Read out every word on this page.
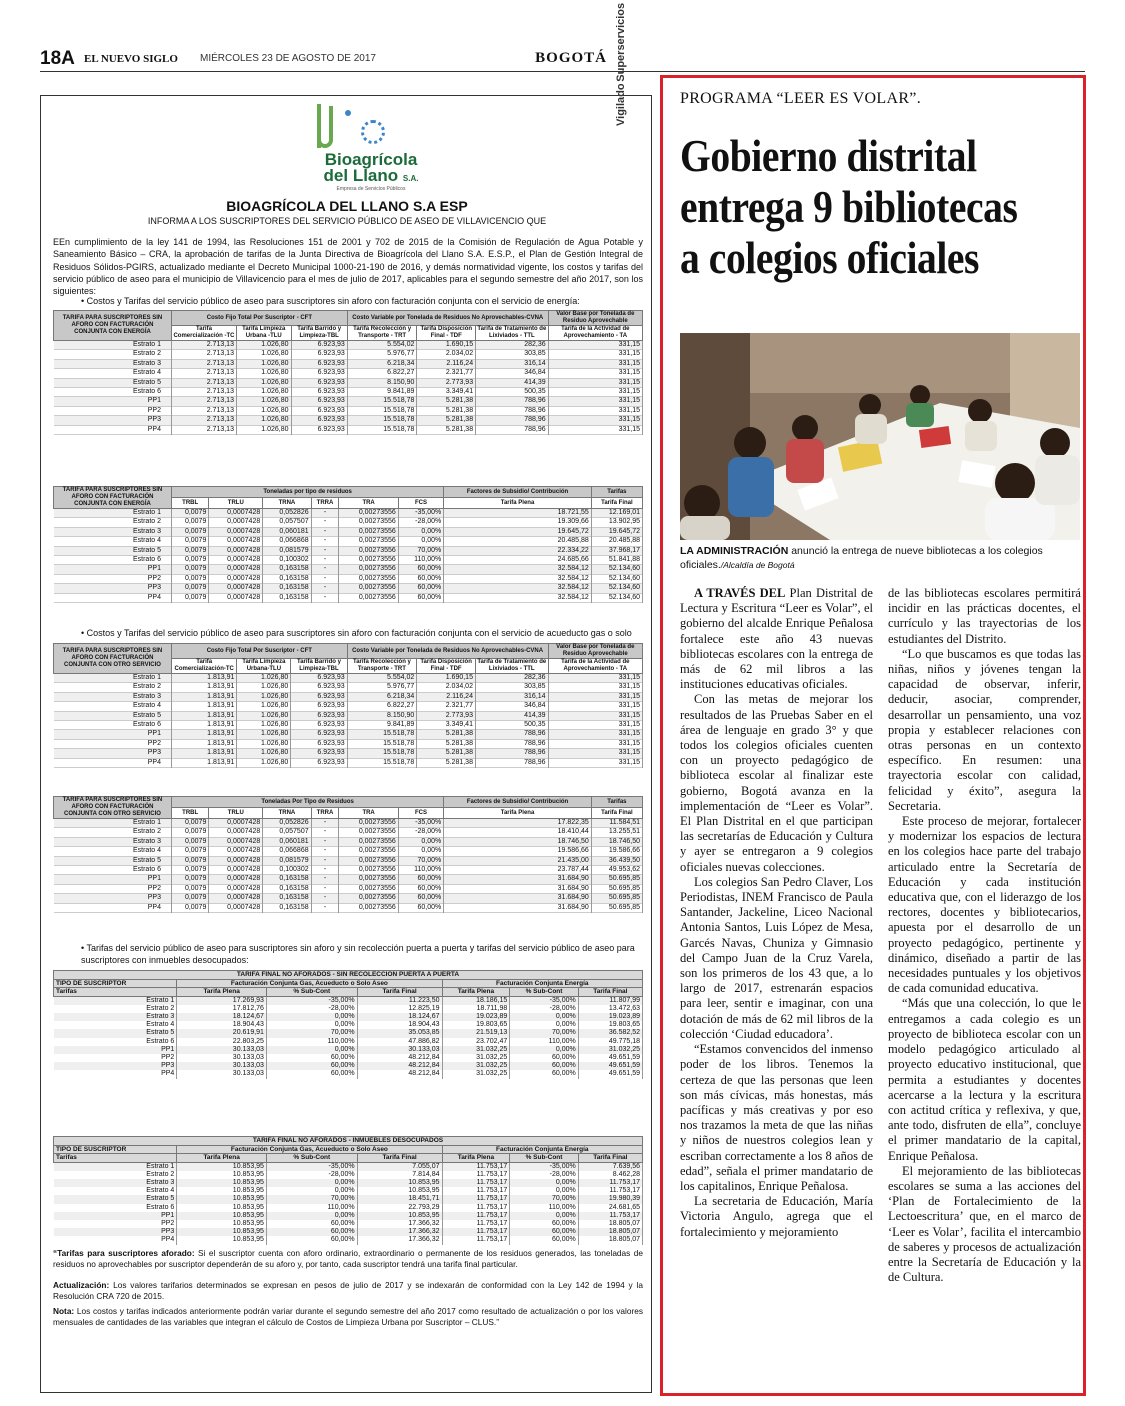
18A EL NUEVO SIGLO MIÉRCOLES 23 DE AGOSTO DE 2017	BOGOTÁ
Bioagrícola
del Llano S.A.
Empresa de Servicios Públicos
Vigilado Superservicios
BIOAGRÍCOLA DEL LLANO S.A ESP
INFORMA A LOS SUSCRIPTORES DEL SERVICIO PÚBLICO DE ASEO DE VILLAVICENCIO QUE
EEn cumplimiento de la ley 141 de 1994, las Resoluciones 151 de 2001 y 702 de 2015 de la Comisión de Regulación de Agua Potable y Saneamiento Básico – CRA, la aprobación de tarifas de la Junta Directiva de Bioagrícola del Llano S.A. E.S.P., el Plan de Gestión Integral de Residuos Sólidos-PGIRS, actualizado mediante el Decreto Municipal 1000-21-190 de 2016, y demás normatividad vigente, los costos y tarifas del servicio público de aseo para el municipio de Villavicencio para el mes de julio de 2017, aplicables para el segundo semestre del año 2017, son los siguientes:
• Costos y Tarifas del servicio público de aseo para suscriptores sin aforo con facturación conjunta con el servicio de energía:
TARIFA PARA SUSCRIPTORES SIN AFORO CON FACTURACIÓN CONJUNTA CON ENERGÍA	Costo Fijo Total Por Suscriptor - CFT			Costo Variable por Tonelada de Residuos No Aprovechables-CVNA			Valor Base por Tonelada de Residuo Aprovechable
	Tarifa Comercialización -TC	Tarifa Limpieza Urbana -TLU	Tarifa Barrido y Limpieza-TBL	Tarifa Recolección y Transporte - TRT	Tarifa Disposición Final - TDF	Tarifa de Tratamiento de Lixiviados - TTL	Tarifa de la Actividad de Aprovechamiento - TA
Estrato 1	2.713,13	1.026,80	6.923,93	5.554,02	1.690,15	282,36	331,15
Estrato 2	2.713,13	1.026,80	6.923,93	5.976,77	2.034,02	303,85	331,15
Estrato 3	2.713,13	1.026,80	6.923,93	6.218,34	2.116,24	316,14	331,15
Estrato 4	2.713,13	1.026,80	6.923,93	6.822,27	2.321,77	346,84	331,15
Estrato 5	2.713,13	1.026,80	6.923,93	8.150,90	2.773,93	414,39	331,15
Estrato 6	2.713,13	1.026,80	6.923,93	9.841,89	3.349,41	500,35	331,15
PP1	2.713,13	1.026,80	6.923,93	15.518,78	5.281,38	788,96	331,15
PP2	2.713,13	1.026,80	6.923,93	15.518,78	5.281,38	788,96	331,15
PP3	2.713,13	1.026,80	6.923,93	15.518,78	5.281,38	788,96	331,15
PP4	2.713,13	1.026,80	6.923,93	15.518,78	5.281,38	788,96	331,15
TARIFA PARA SUSCRIPTORES SIN AFORO CON FACTURACIÓN CONJUNTA CON ENERGÍA	Toneladas por tipo de residuos						Factores de Subsidio/ Contribución	Tarifas
	TRBL	TRLU	TRNA	TRRA	TRA	FCS	Tarifa Plena	Tarifa Final
Estrato 1	0,0079	0,0007428	0,052826	-	0,00273556	-35,00%	18.721,55	12.169,01
Estrato 2	0,0079	0,0007428	0,057507	-	0,00273556	-28,00%	19.309,66	13.902,95
Estrato 3	0,0079	0,0007428	0,060181	-	0,00273556	0,00%	19.645,72	19.645,72
Estrato 4	0,0079	0,0007428	0,066868	-	0,00273556	0,00%	20.485,88	20.485,88
Estrato 5	0,0079	0,0007428	0,081579	-	0,00273556	70,00%	22.334,22	37.968,17
Estrato 6	0,0079	0,0007428	0,100302	-	0,00273556	110,00%	24.685,66	51.841,88
PP1	0,0079	0,0007428	0,163158	-	0,00273556	60,00%	32.584,12	52.134,60
PP2	0,0079	0,0007428	0,163158	-	0,00273556	60,00%	32.584,12	52.134,60
PP3	0,0079	0,0007428	0,163158	-	0,00273556	60,00%	32.584,12	52.134,60
PP4	0,0079	0,0007428	0,163158	-	0,00273556	60,00%	32.584,12	52.134,60
• Costos y Tarifas del servicio público de aseo para suscriptores sin aforo con facturación conjunta con el servicio de acueducto gas o solo
TARIFA PARA SUSCRIPTORES SIN AFORO CON FACTURACIÓN CONJUNTA CON OTRO SERVICIO	Costo Fijo Total Por Suscriptor - CFT			Costo Variable por Tonelada de Residuos No Aprovechables-CVNA			Valor Base por Tonelada de Residuo Aprovechable
	Tarifa Comercialización-TC	Tarifa Limpieza Urbana-TLU	Tarifa Barrido y Limpieza-TBL	Tarifa Recolección y Transporte - TRT	Tarifa Disposición Final - TDF	Tarifa de Tratamiento de Lixiviados - TTL	Tarifa de la Actividad de Aprovechamiento - TA
Estrato 1	1.813,91	1.026,80	6.923,93	5.554,02	1.690,15	282,36	331,15
Estrato 2	1.813,91	1.026,80	6.923,93	5.976,77	2.034,02	303,85	331,15
Estrato 3	1.813,91	1.026,80	6.923,93	6.218,34	2.116,24	316,14	331,15
Estrato 4	1.813,91	1.026,80	6.923,93	6.822,27	2.321,77	346,84	331,15
Estrato 5	1.813,91	1.026,80	6.923,93	8.150,90	2.773,93	414,39	331,15
Estrato 6	1.813,91	1.026,80	6.923,93	9.841,89	3.349,41	500,35	331,15
PP1	1.813,91	1.026,80	6.923,93	15.518,78	5.281,38	788,96	331,15
PP2	1.813,91	1.026,80	6.923,93	15.518,78	5.281,38	788,96	331,15
PP3	1.813,91	1.026,80	6.923,93	15.518,78	5.281,38	788,96	331,15
PP4	1.813,91	1.026,80	6.923,93	15.518,78	5.281,38	788,96	331,15
TARIFA PARA SUSCRIPTORES SIN AFORO CON FACTURACIÓN CONJUNTA CON OTRO SERVICIO	Toneladas Por Tipo de Residuos						Factores de Subsidio/ Contribución	Tarifas
	TRBL	TRLU	TRNA	TRRA	TRA	FCS	Tarifa Plena	Tarifa Final
Estrato 1	0,0079	0,0007428	0,052826	-	0,00273556	-35,00%	17.822,35	11.584,51
Estrato 2	0,0079	0,0007428	0,057507	-	0,00273556	-28,00%	18.410,44	13.255,51
Estrato 3	0,0079	0,0007428	0,060181	-	0,00273556	0,00%	18.746,50	18.746,50
Estrato 4	0,0079	0,0007428	0,066868	-	0,00273556	0,00%	19.586,66	19.586,66
Estrato 5	0,0079	0,0007428	0,081579	-	0,00273556	70,00%	21.435,00	36.439,50
Estrato 6	0,0079	0,0007428	0,100302	-	0,00273556	110,00%	23.787,44	49.953,62
PP1	0,0079	0,0007428	0,163158	-	0,00273556	60,00%	31.684,90	50.695,85
PP2	0,0079	0,0007428	0,163158	-	0,00273556	60,00%	31.684,90	50.695,85
PP3	0,0079	0,0007428	0,163158	-	0,00273556	60,00%	31.684,90	50.695,85
PP4	0,0079	0,0007428	0,163158	-	0,00273556	60,00%	31.684,90	50.695,85
• Tarifas del servicio público de aseo para suscriptores sin aforo y sin recolección puerta a puerta y tarifas del servicio público de aseo para suscriptores con inmuebles desocupados:
TARIFA FINAL NO AFORADOS - SIN RECOLECCION PUERTA A PUERTA						
TIPO DE SUSCRIPTOR	Facturación Conjunta Gas, Acueducto o Solo Aseo			Facturación Conjunta Energía		
Tarifas	Tarifa Plena	% Sub-Cont	Tarifa Final	Tarifa Plena	% Sub-Cont	Tarifa Final
Estrato 1	17.269,93	-35,00%	11.223,50	18.186,15	-35,00%	11.807,99
Estrato 2	17.812,76	-28,00%	12.825,19	18.711,98	-28,00%	13.472,63
Estrato 3	18.124,67	0,00%	18.124,67	19.023,89	0,00%	19.023,89
Estrato 4	18.904,43	0,00%	18.904,43	19.803,65	0,00%	19.803,65
Estrato 5	20.619,91	70,00%	35.053,85	21.519,13	70,00%	36.582,52
Estrato 6	22.803,25	110,00%	47.886,82	23.702,47	110,00%	49.775,18
PP1	30.133,03	0,00%	30.133,03	31.032,25	0,00%	31.032,25
PP2	30.133,03	60,00%	48.212,84	31.032,25	60,00%	49.651,59
PP3	30.133,03	60,00%	48.212,84	31.032,25	60,00%	49.651,59
PP4	30.133,03	60,00%	48.212,84	31.032,25	60,00%	49.651,59
TARIFA FINAL NO AFORADOS - INMUEBLES DESOCUPADOS						
TIPO DE SUSCRIPTOR	Facturación Conjunta Gas, Acueducto o Solo Aseo			Facturación Conjunta Energía		
Tarifas	Tarifa Plena	% Sub-Cont	Tarifa Final	Tarifa Plena	% Sub-Cont	Tarifa Final
Estrato 1	10.853,95	-35,00%	7.055,07	11.753,17	-35,00%	7.639,56
Estrato 2	10.853,95	-28,00%	7.814,84	11.753,17	-28,00%	8.462,28
Estrato 3	10.853,95	0,00%	10.853,95	11.753,17	0,00%	11.753,17
Estrato 4	10.853,95	0,00%	10.853,95	11.753,17	0,00%	11.753,17
Estrato 5	10.853,95	70,00%	18.451,71	11.753,17	70,00%	19.980,39
Estrato 6	10.853,95	110,00%	22.793,29	11.753,17	110,00%	24.681,65
PP1	10.853,95	0,00%	10.853,95	11.753,17	0,00%	11.753,17
PP2	10.853,95	60,00%	17.366,32	11.753,17	60,00%	18.805,07
PP3	10.853,95	60,00%	17.366,32	11.753,17	60,00%	18.805,07
PP4	10.853,95	60,00%	17.366,32	11.753,17	60,00%	18.805,07
“Tarifas para suscriptores aforado: Si el suscriptor cuenta con aforo ordinario, extraordinario o permanente de los residuos generados, las toneladas de residuos no aprovechables por suscriptor dependerán de su aforo y, por tanto, cada suscriptor tendrá una tarifa final particular.
Actualización: Los valores tarifarios determinados se expresan en pesos de julio de 2017 y se indexarán de conformidad con la Ley 142 de 1994 y la Resolución CRA 720 de 2015.
Nota: Los costos y tarifas indicados anteriormente podrán variar durante el segundo semestre del año 2017 como resultado de actualización o por los valores mensuales de cantidades de las variables que integran el cálculo de Costos de Limpieza Urbana por Suscriptor – CLUS.”
PROGRAMA “LEER ES VOLAR”.
Gobierno distrital
entrega 9 bibliotecas
a colegios oficiales
LA ADMINISTRACIÓN anunció la entrega de nueve bibliotecas a los colegios oficiales./Alcaldía de Bogotá

A TRAVÉS DEL Plan Distrital de Lectura y Escritura “Leer es Volar”, el gobierno del alcalde Enrique Peñalosa fortalece este año 43 nuevas bibliotecas escolares con la entrega de más de 62 mil libros a las instituciones educativas oficiales.

Con las metas de mejorar los resultados de las Pruebas Saber en el área de lenguaje en grado 3° y que todos los colegios oficiales cuenten con un proyecto pedagógico de biblioteca escolar al finalizar este gobierno, Bogotá avanza en la implementación de “Leer es Volar”. El Plan Distrital en el que participan las secretarías de Educación y Cultura y ayer se entregaron a 9 colegios oficiales nuevas colecciones.

Los colegios San Pedro Claver, Los Periodistas, INEM Francisco de Paula Santander, Jackeline, Liceo Nacional Antonia Santos, Luis López de Mesa, Garcés Navas, Chuniza y Gimnasio del Campo Juan de la Cruz Varela, son los primeros de los 43 que, a lo largo de 2017, estrenarán espacios para leer, sentir e imaginar, con una dotación de más de 62 mil libros de la colección ‘Ciudad educadora’.

“Estamos convencidos del inmenso poder de los libros. Tenemos la certeza de que las personas que leen son más cívicas, más honestas, más pacíficas y más creativas y por eso nos trazamos la meta de que las niñas y niños de nuestros colegios lean y escriban correctamente a los 8 años de edad”, señala el primer mandatario de los capitalinos, Enrique Peñalosa.

La secretaria de Educación, María Victoria Angulo, agrega que el fortalecimiento y mejoramiento

de las bibliotecas escolares permitirá incidir en las prácticas docentes, el currículo y las trayectorias de los estudiantes del Distrito.

“Lo que buscamos es que todas las niñas, niños y jóvenes tengan la capacidad de observar, inferir, deducir, asociar, comprender, desarrollar un pensamiento, una voz propia y establecer relaciones con otras personas en un contexto específico. En resumen: una trayectoria escolar con calidad, felicidad y éxito”, asegura la Secretaria.

Este proceso de mejorar, fortalecer y modernizar los espacios de lectura en los colegios hace parte del trabajo articulado entre la Secretaría de Educación y cada institución educativa que, con el liderazgo de los rectores, docentes y bibliotecarios, apuesta por el desarrollo de un proyecto pedagógico, pertinente y dinámico, diseñado a partir de las necesidades puntuales y los objetivos de cada comunidad educativa.

“Más que una colección, lo que le entregamos a cada colegio es un proyecto de biblioteca escolar con un modelo pedagógico articulado al proyecto educativo institucional, que permita a estudiantes y docentes acercarse a la lectura y la escritura con actitud crítica y reflexiva, y que, ante todo, disfruten de ella”, concluye el primer mandatario de la capital, Enrique Peñalosa.

El mejoramiento de las bibliotecas escolares se suma a las acciones del ‘Plan de Fortalecimiento de la Lectoescritura’ que, en el marco de ‘Leer es Volar’, facilita el intercambio de saberes y procesos de actualización entre la Secretaría de Educación y la de Cultura.
